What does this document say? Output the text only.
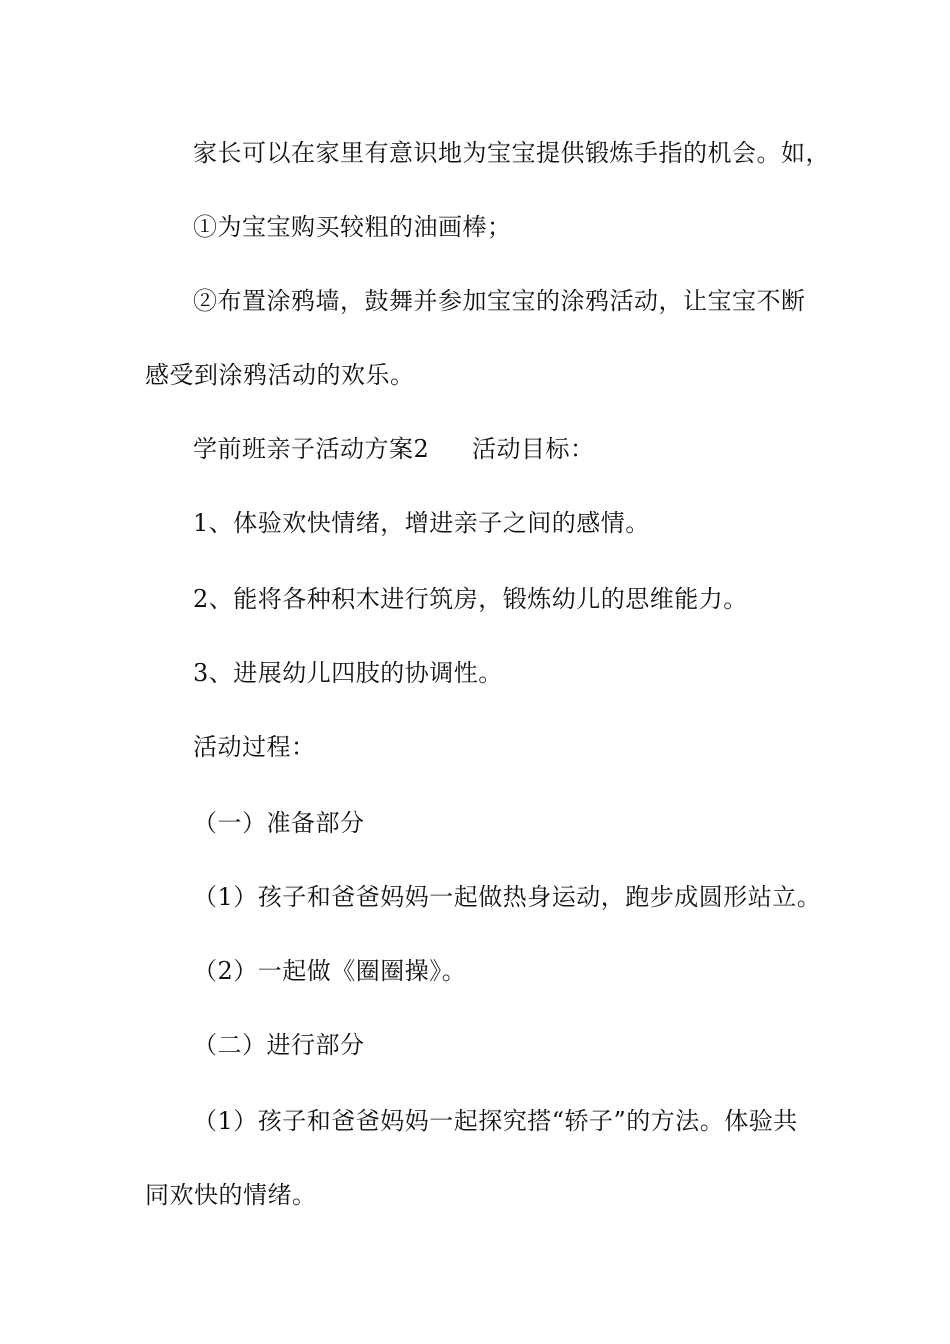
家长可以在家里有意识地为宝宝提供锻炼手指的机会。如，
①为宝宝购买较粗的油画棒；
②布置涂鸦墙，鼓舞并参加宝宝的涂鸦活动，让宝宝不断
感受到涂鸦活动的欢乐。
学前班亲子活动方案2 活动目标：
1、体验欢快情绪，增进亲子之间的感情。
2、能将各种积木进行筑房，锻炼幼儿的思维能力。
3、进展幼儿四肢的协调性。
活动过程：
（一）准备部分
（1）孩子和爸爸妈妈一起做热身运动，跑步成圆形站立。
（2）一起做《圈圈操》。
（二）进行部分
（1）孩子和爸爸妈妈一起探究搭“轿子”的方法。体验共
同欢快的情绪。
